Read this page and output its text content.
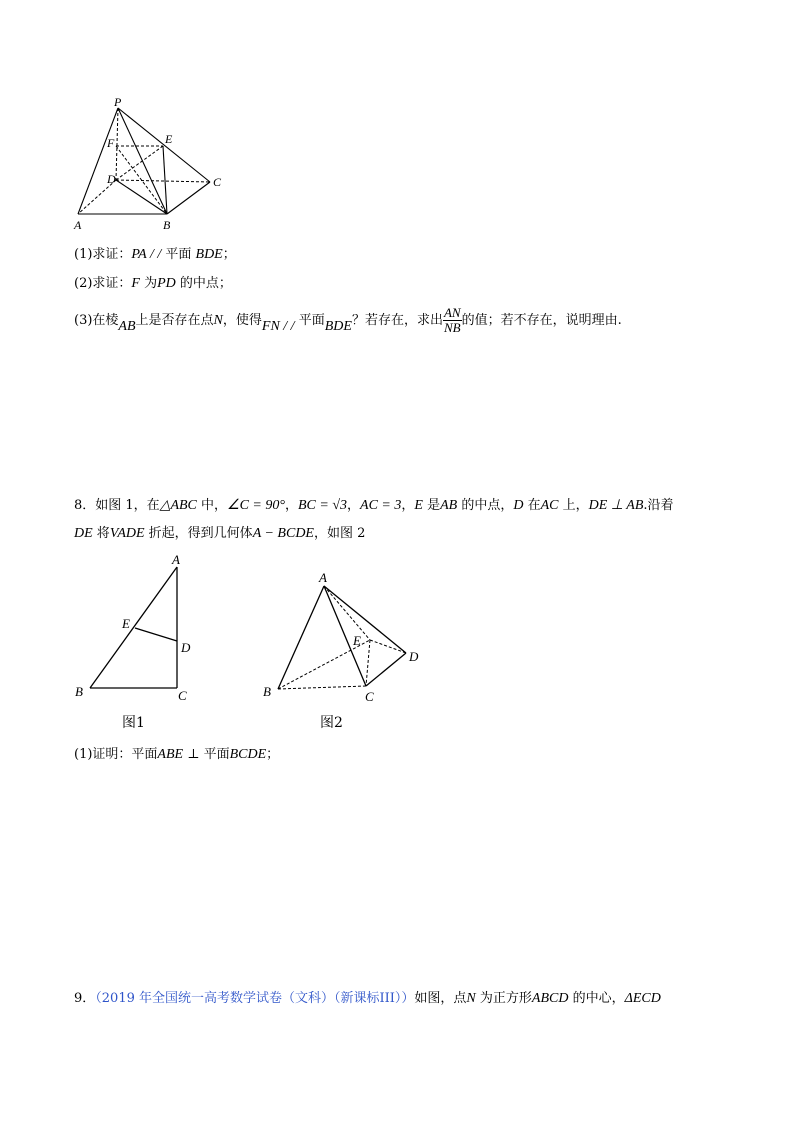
P
E
F
D	C
A	B
(1)求证：PA / / 平面 BDE；
(2)求证：F 为PD 的中点；
(3)在棱AB上是否存在点N，使得FN / / 平面BDE？若存在，求出 $\frac{AN}{NB}$ 的值；若不存在，说明理由.
8．如图 1，在△ABC 中，∠C = 90°，BC = √3，AC = 3，E 是AB 的中点，D 在AC 上，DE ⊥ AB.沿着
DE 将VADE 折起，得到几何体A − BCDE，如图 2
A
E
D
B	C
图1
A
E
D
B	C
图2
(1)证明：平面ABE ⊥ 平面BCDE；
9．（2019 年全国统一高考数学试卷（文科）（新课标III））如图，点N 为正方形ABCD 的中心，ΔECD
